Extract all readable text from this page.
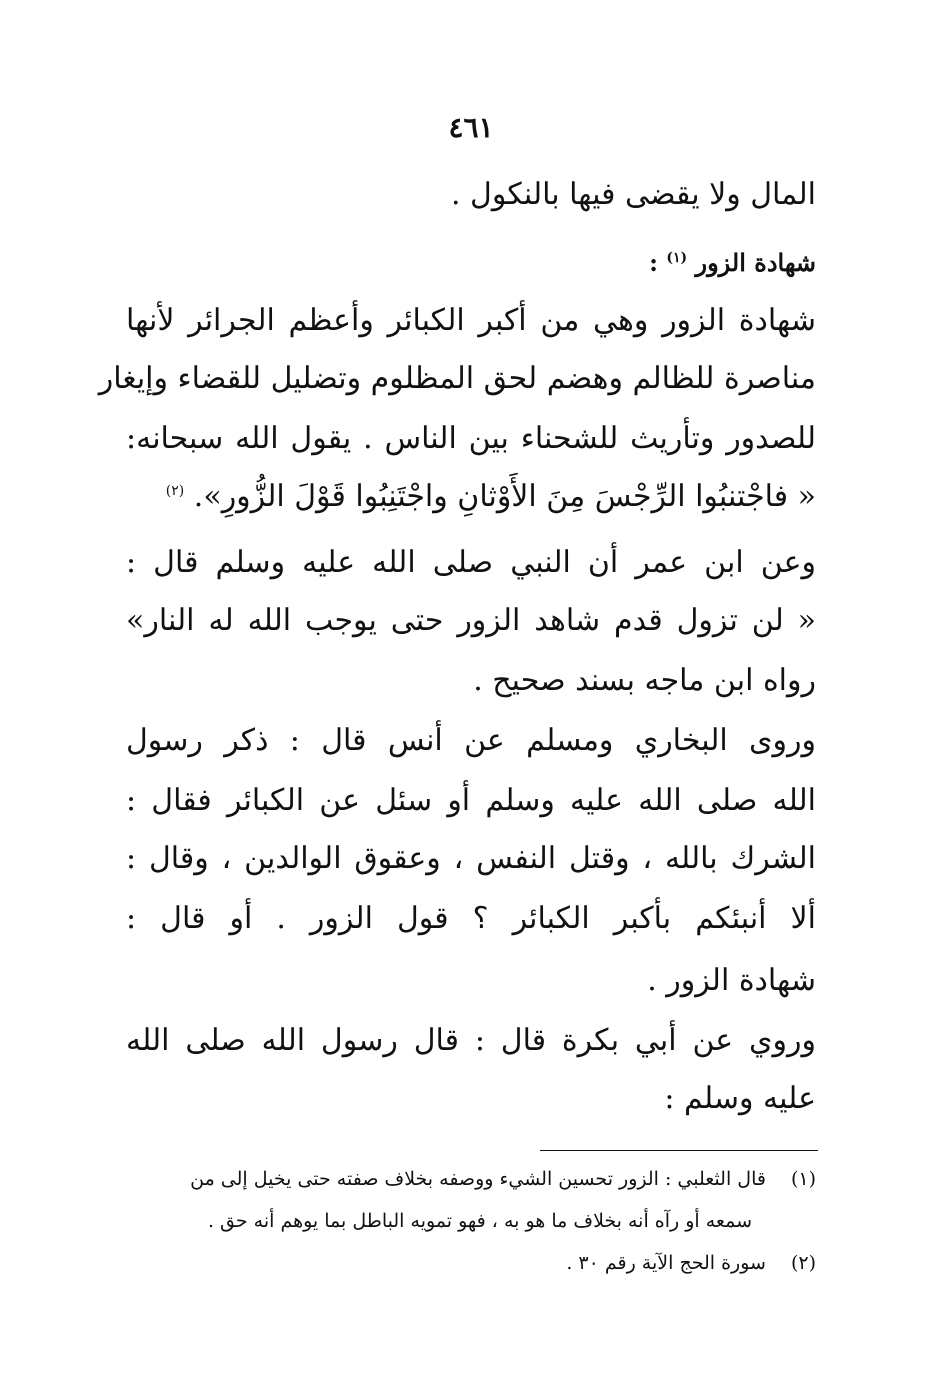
٤٦١
المال ولا يقضى فيها بالنكول .
شهادة الزور $^{(١)}$ :
شهادة الزور وهي من أكبر الكبائر وأعظم الجرائر لأنها
مناصرة للظالم وهضم لحق المظلوم وتضليل للقضاء وإيغار
للصدور وتأريث للشحناء بين الناس . يقول الله سبحانه:
« فاجْتنبُوا الرِّجْسَ مِنَ الأَوْثانِ واجْتَنِبُوا قَوْلَ الزُّورِ». $^{(٢)}$
وعن ابن عمر أن النبي صلى الله عليه وسلم قال :
« لن تزول قدم شاهد الزور حتى يوجب الله له النار»
رواه ابن ماجه بسند صحيح .
وروى البخاري ومسلم عن أنس قال : ذكر رسول
الله صلى الله عليه وسلم أو سئل عن الكبائر فقال :
الشرك بالله ، وقتل النفس ، وعقوق الوالدين ، وقال :
ألا أنبئكم بأكبر الكبائر ؟ قول الزور . أو قال :
شهادة الزور .
وروي عن أبي بكرة قال : قال رسول الله صلى الله
عليه وسلم :
(١) قال الثعلبي : الزور تحسين الشيء ووصفه بخلاف صفته حتى يخيل إلى من
سمعه أو رآه أنه بخلاف ما هو به ، فهو تمويه الباطل بما يوهم أنه حق .
(٢) سورة الحج الآية رقم ٣٠ .
